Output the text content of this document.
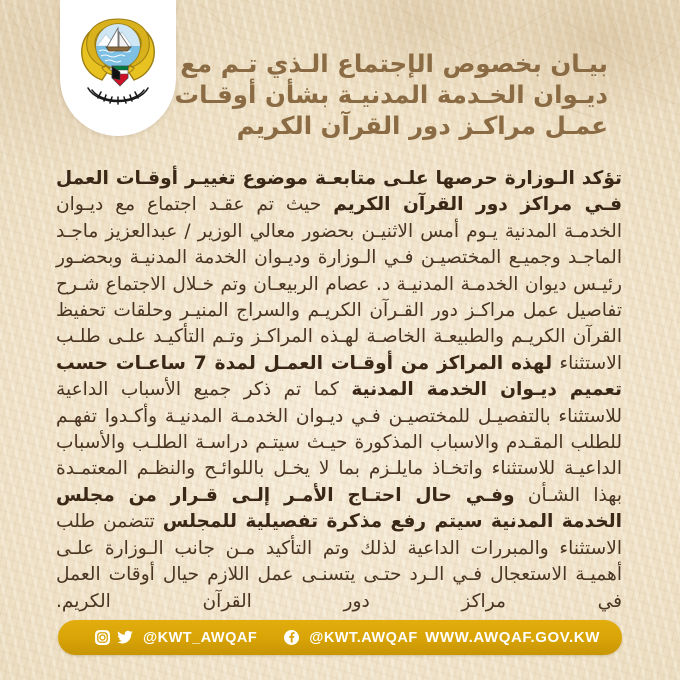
بيـان بخصوص الإجتماع الـذي تـم مع
ديـوان الخـدمة المدنيـة بشأن أوقـات
عمـل مراكـز دور القرآن الكريم

تؤكد الـوزارة حرصها علـى متابعـة موضوع تغييـر أوقـات العمل فـي مراكز دور القرآن الكريم حيث تم عقـد اجتماع مع ديـوان الخدمـة المدنية يـوم أمس الاثنيـن بحضور معالي الوزير / عبدالعزيز ماجـد الماجـد وجميـع المختصيـن فـي الـوزارة وديـوان الخدمة المدنيـة وبحضـور رئيـس ديوان الخدمـة المدنيـة د. عصام الربيعـان وتم خـلال الاجتماع شـرح تفاصيل عمل مراكـز دور القـرآن الكريـم والسراج المنيـر وحلقات تحفيظ القرآن الكريـم والطبيعـة الخاصـة لهـذه المراكـز وتـم التأكيـد علـى طلـب الاستثناء لهذه المراكز من أوقـات العمـل لمدة 7 ساعـات حسب تعميم ديـوان الخدمة المدنية كما تم ذكر جميع الأسباب الداعية للاستثناء بالتفصيـل للمختصيـن فـي ديـوان الخدمـة المدنيـة وأكـدوا تفهـم للطلب المقـدم والاسباب المذكورة حيـث سيتـم دراسـة الطلـب والأسباب الداعيـة للاستثناء واتخـاذ مايلـزم بما لا يخـل باللوائـح والنظـم المعتمـدة بهذا الشـأن وفـي حال احتـاج الأمـر إلـى قـرار من مجلس الخدمة المدنية سيتم رفع مذكرة تفصيلية للمجلس تتضمن طلب الاستثناء والمبررات الداعية لذلك وتم التأكيد مـن جانب الـوزارة علـى أهميـة الاستعجال فـي الـرد حتـى يتسنـى عمل اللازم حيال أوقات العمل في مراكز دور القرآن الكريم.

@KWT_AWQAF	@KWT.AWQAF WWW.AWQAF.GOV.KW
